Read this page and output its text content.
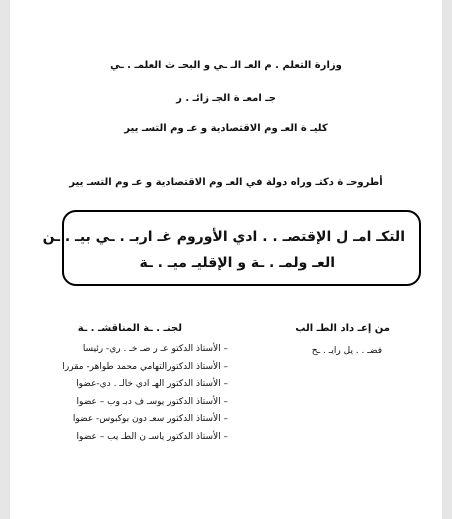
وزارة التعلم . م العـ الـ ـي و البحـ ث العلمـ . ـي
جـ امعـ ة الجـ زائـ . ر
كليـ ة العـ وم الاقتصادية و عـ وم التسـ يير
أطروحـ ة دكتـ وراه دولة في العـ وم الاقتصادية و عـ وم التسـ يير
التكـ امـ ل الإقتصـ . . ادي الأوروم غـ اربـ . ـي بيـ . ـن
العـ ولمـ . ـة و الإقليـ ميـ . ـة
من إعـ داد الطـ الب
فضـ . . يل رايـ . ـح
لجنـ . ـة المناقشـ . ـة
– الأستاذ الدكتو عـ ر صـ خـ . ري- رئيسا
– الأستاذ الدكتورالتهامي محمد طواهر- مقررا
– الأستاذ الدكتور الهـ ادي خالـ . دي-عضوا
– الأستاذ الدكتور يوسـ ف دبـ وب – عضوا
– الأستاذ الدكتور سعـ دون بوكبوس- عضوا
– الأستاذ الدكتور ياسـ ن الطـ يب – عضوا
